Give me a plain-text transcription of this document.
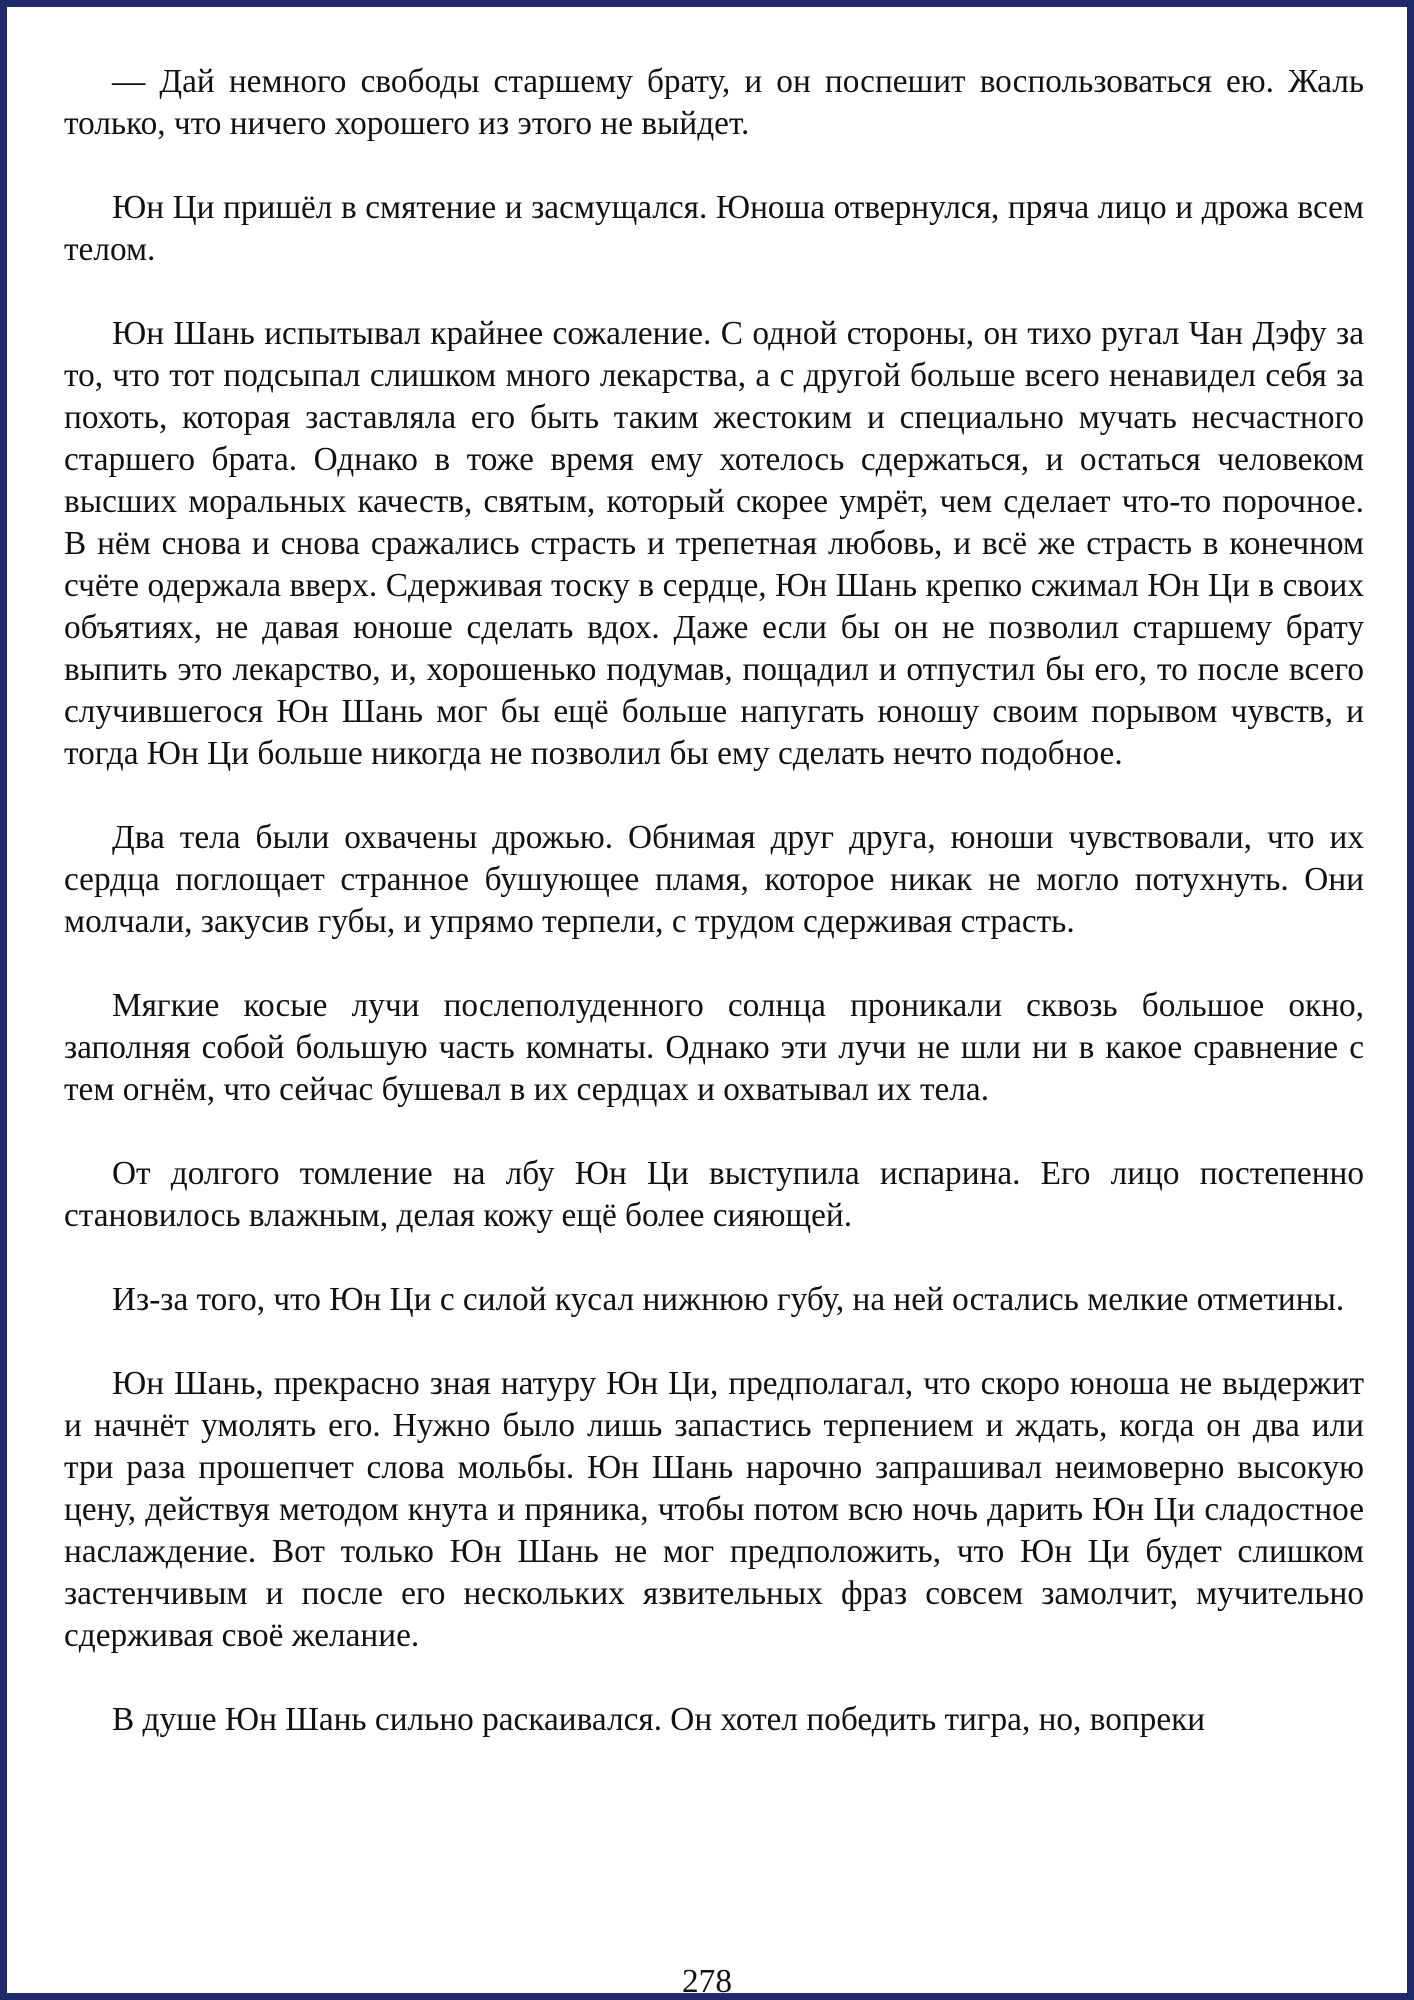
— Дай немного свободы старшему брату, и он поспешит воспользоваться ею. Жаль только, что ничего хорошего из этого не выйдет.

Юн Ци пришёл в смятение и засмущался. Юноша отвернулся, пряча лицо и дрожа всем телом.

Юн Шань испытывал крайнее сожаление. С одной стороны, он тихо ругал Чан Дэфу за то, что тот подсыпал слишком много лекарства, а с другой больше всего ненавидел себя за похоть, которая заставляла его быть таким жестоким и специально мучать несчастного старшего брата. Однако в тоже время ему хотелось сдержаться, и остаться человеком высших моральных качеств, святым, который скорее умрёт, чем сделает что-то порочное. В нём снова и снова сражались страсть и трепетная любовь, и всё же страсть в конечном счёте одержала вверх. Сдерживая тоску в сердце, Юн Шань крепко сжимал Юн Ци в своих объятиях, не давая юноше сделать вдох. Даже если бы он не позволил старшему брату выпить это лекарство, и, хорошенько подумав, пощадил и отпустил бы его, то после всего случившегося Юн Шань мог бы ещё больше напугать юношу своим порывом чувств, и тогда Юн Ци больше никогда не позволил бы ему сделать нечто подобное.

Два тела были охвачены дрожью. Обнимая друг друга, юноши чувствовали, что их сердца поглощает странное бушующее пламя, которое никак не могло потухнуть. Они молчали, закусив губы, и упрямо терпели, с трудом сдерживая страсть.

Мягкие косые лучи послеполуденного солнца проникали сквозь большое окно, заполняя собой большую часть комнаты. Однако эти лучи не шли ни в какое сравнение с тем огнём, что сейчас бушевал в их сердцах и охватывал их тела.

От долгого томление на лбу Юн Ци выступила испарина. Его лицо постепенно становилось влажным, делая кожу ещё более сияющей.

Из-за того, что Юн Ци с силой кусал нижнюю губу, на ней остались мелкие отметины.

Юн Шань, прекрасно зная натуру Юн Ци, предполагал, что скоро юноша не выдержит и начнёт умолять его. Нужно было лишь запастись терпением и ждать, когда он два или три раза прошепчет слова мольбы. Юн Шань нарочно запрашивал неимоверно высокую цену, действуя методом кнута и пряника, чтобы потом всю ночь дарить Юн Ци сладостное наслаждение. Вот только Юн Шань не мог предположить, что Юн Ци будет слишком застенчивым и после его нескольких язвительных фраз совсем замолчит, мучительно сдерживая своё желание.

В душе Юн Шань сильно раскаивался. Он хотел победить тигра, но, вопреки

278
